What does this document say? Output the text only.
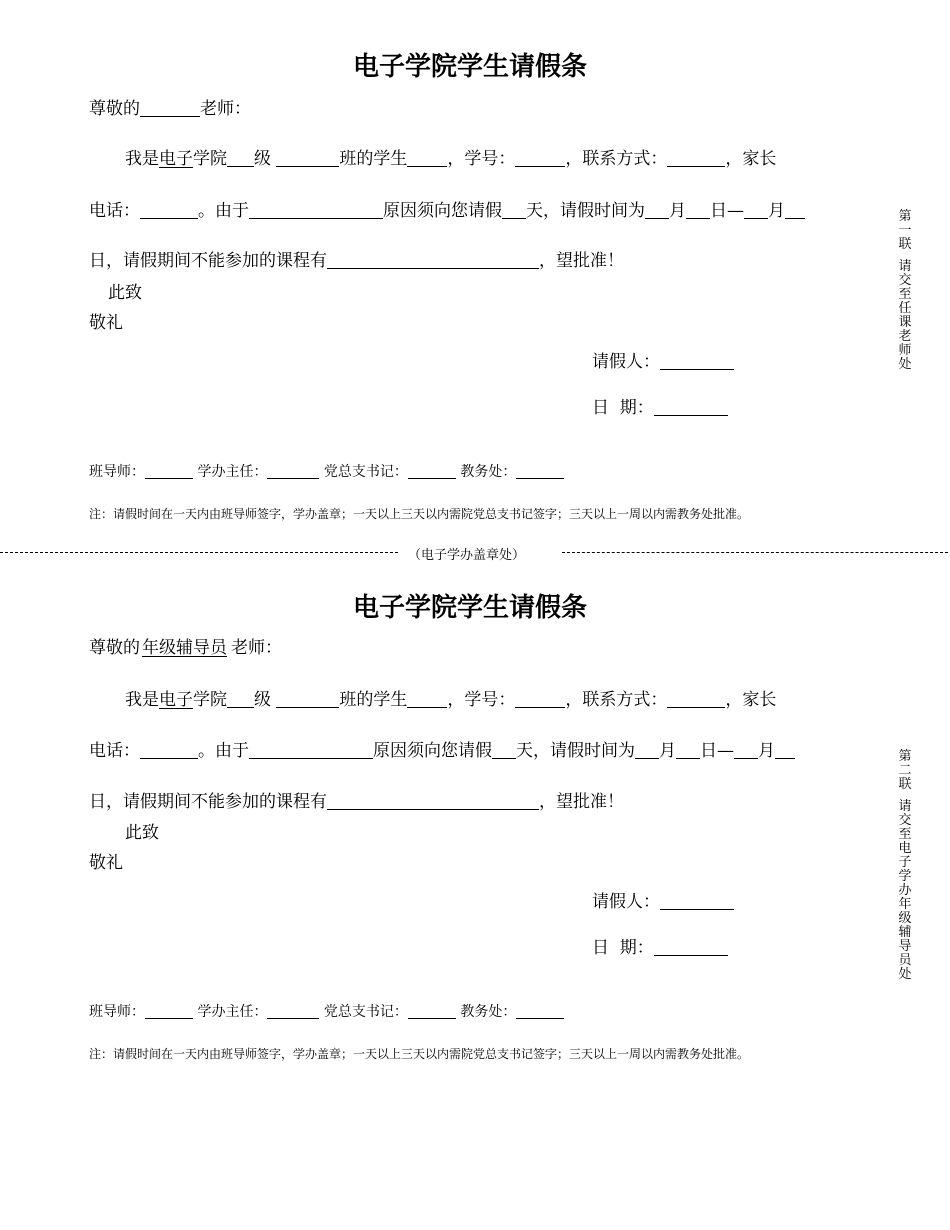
电子学院学生请假条
尊敬的	老师：
我是电子学院 级	班的学生 ，学号：	，联系方式：	，家长
电话：	。由于	原因须向您请假 天，请假时间为 月 日— 月
日，请假期间不能参加的课程有	，望批准！
此致
敬礼
请假人：
日  期：
班导师：	学办主任：	党总支书记：	教务处：
注：请假时间在一天内由班导师签字，学办盖章；一天以上三天以内需院党总支书记签字；三天以上一周以内需教务处批准。
第一联
请交至任课老师处
（电子学办盖章处）
电子学院学生请假条
尊敬的 年级辅导员 老师：
我是电子学院 级	班的学生 ，学号：	，联系方式：	，家长
电话：	。由于	原因须向您请假 天，请假时间为 月 日— 月
日，请假期间不能参加的课程有	，望批准！
此致
敬礼
请假人：
日  期：
班导师：	学办主任：	党总支书记：	教务处：
注：请假时间在一天内由班导师签字，学办盖章；一天以上三天以内需院党总支书记签字；三天以上一周以内需教务处批准。
第二联
请交至电子学办年级辅导员处
